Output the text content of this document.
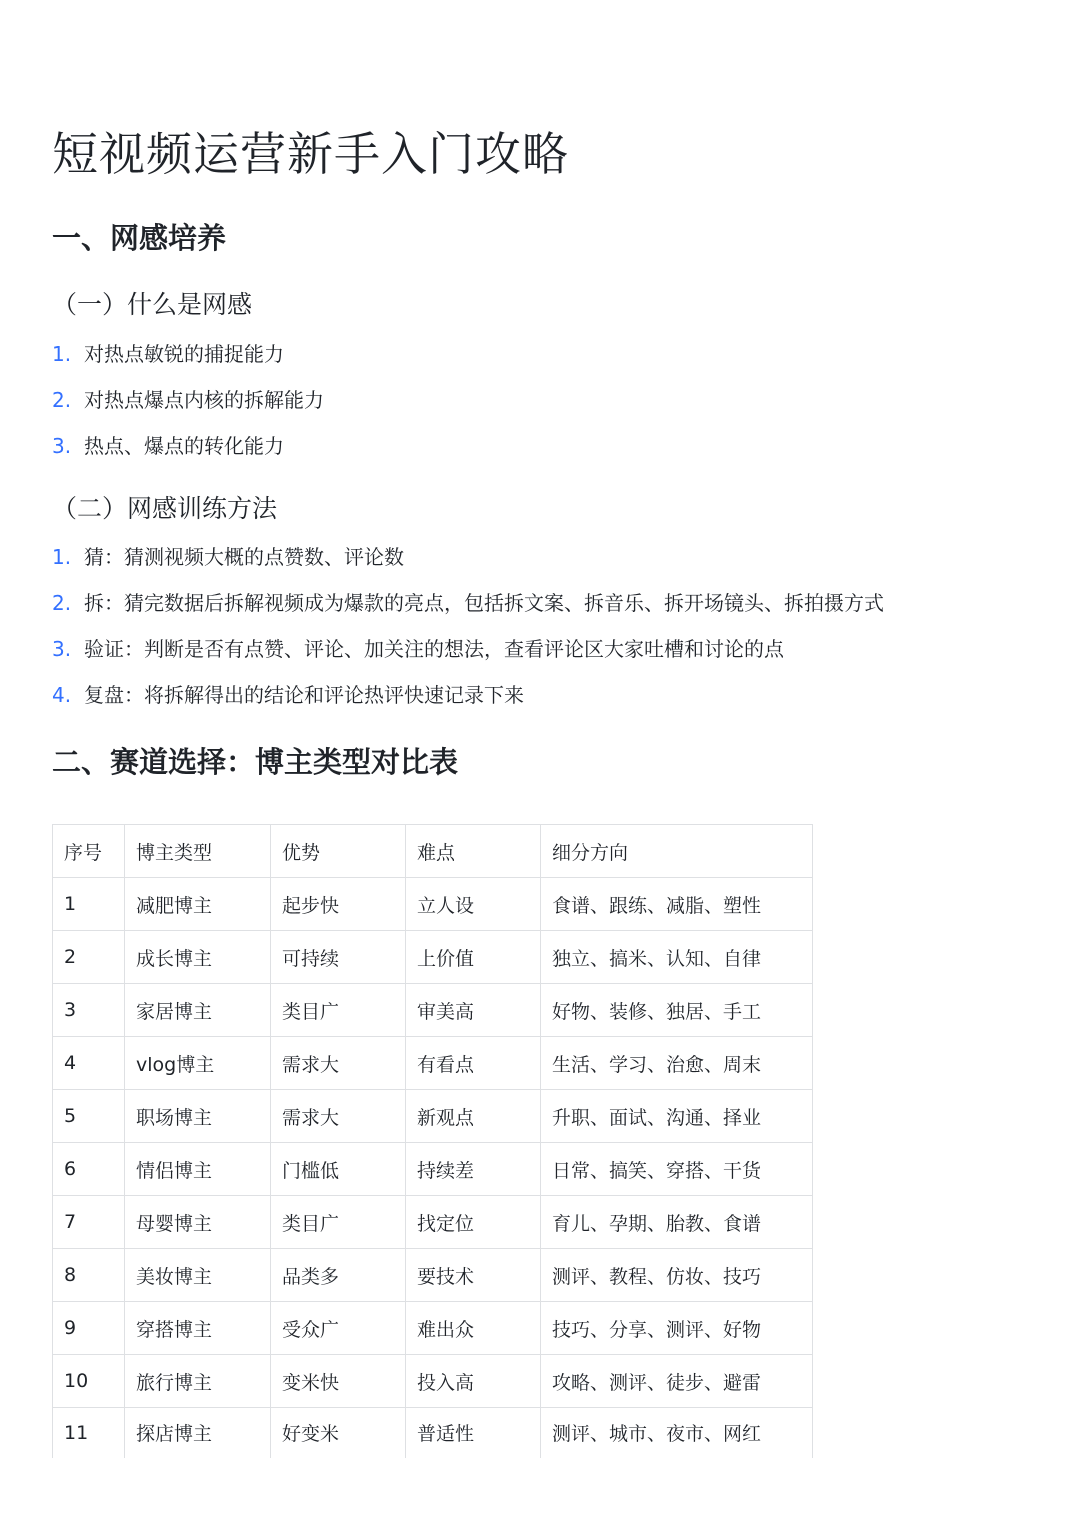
短视频运营新手入门攻略
一、网感培养
（一）什么是网感
1. 对热点敏锐的捕捉能力
2. 对热点爆点内核的拆解能力
3. 热点、爆点的转化能力
（二）网感训练方法
1. 猜：猜测视频大概的点赞数、评论数
2. 拆：猜完数据后拆解视频成为爆款的亮点，包括拆文案、拆音乐、拆开场镜头、拆拍摄方式
3. 验证：判断是否有点赞、评论、加关注的想法，查看评论区大家吐槽和讨论的点
4. 复盘：将拆解得出的结论和评论热评快速记录下来
二、赛道选择：博主类型对比表
序号	博主类型	优势	难点	细分方向
1	减肥博主	起步快	立人设	食谱、跟练、减脂、塑性
2	成长博主	可持续	上价值	独立、搞米、认知、自律
3	家居博主	类目广	审美高	好物、装修、独居、手工
4	vlog博主	需求大	有看点	生活、学习、治愈、周末
5	职场博主	需求大	新观点	升职、面试、沟通、择业
6	情侣博主	门槛低	持续差	日常、搞笑、穿搭、干货
7	母婴博主	类目广	找定位	育儿、孕期、胎教、食谱
8	美妆博主	品类多	要技术	测评、教程、仿妆、技巧
9	穿搭博主	受众广	难出众	技巧、分享、测评、好物
10	旅行博主	变米快	投入高	攻略、测评、徒步、避雷
11	探店博主	好变米	普适性	测评、城市、夜市、网红
